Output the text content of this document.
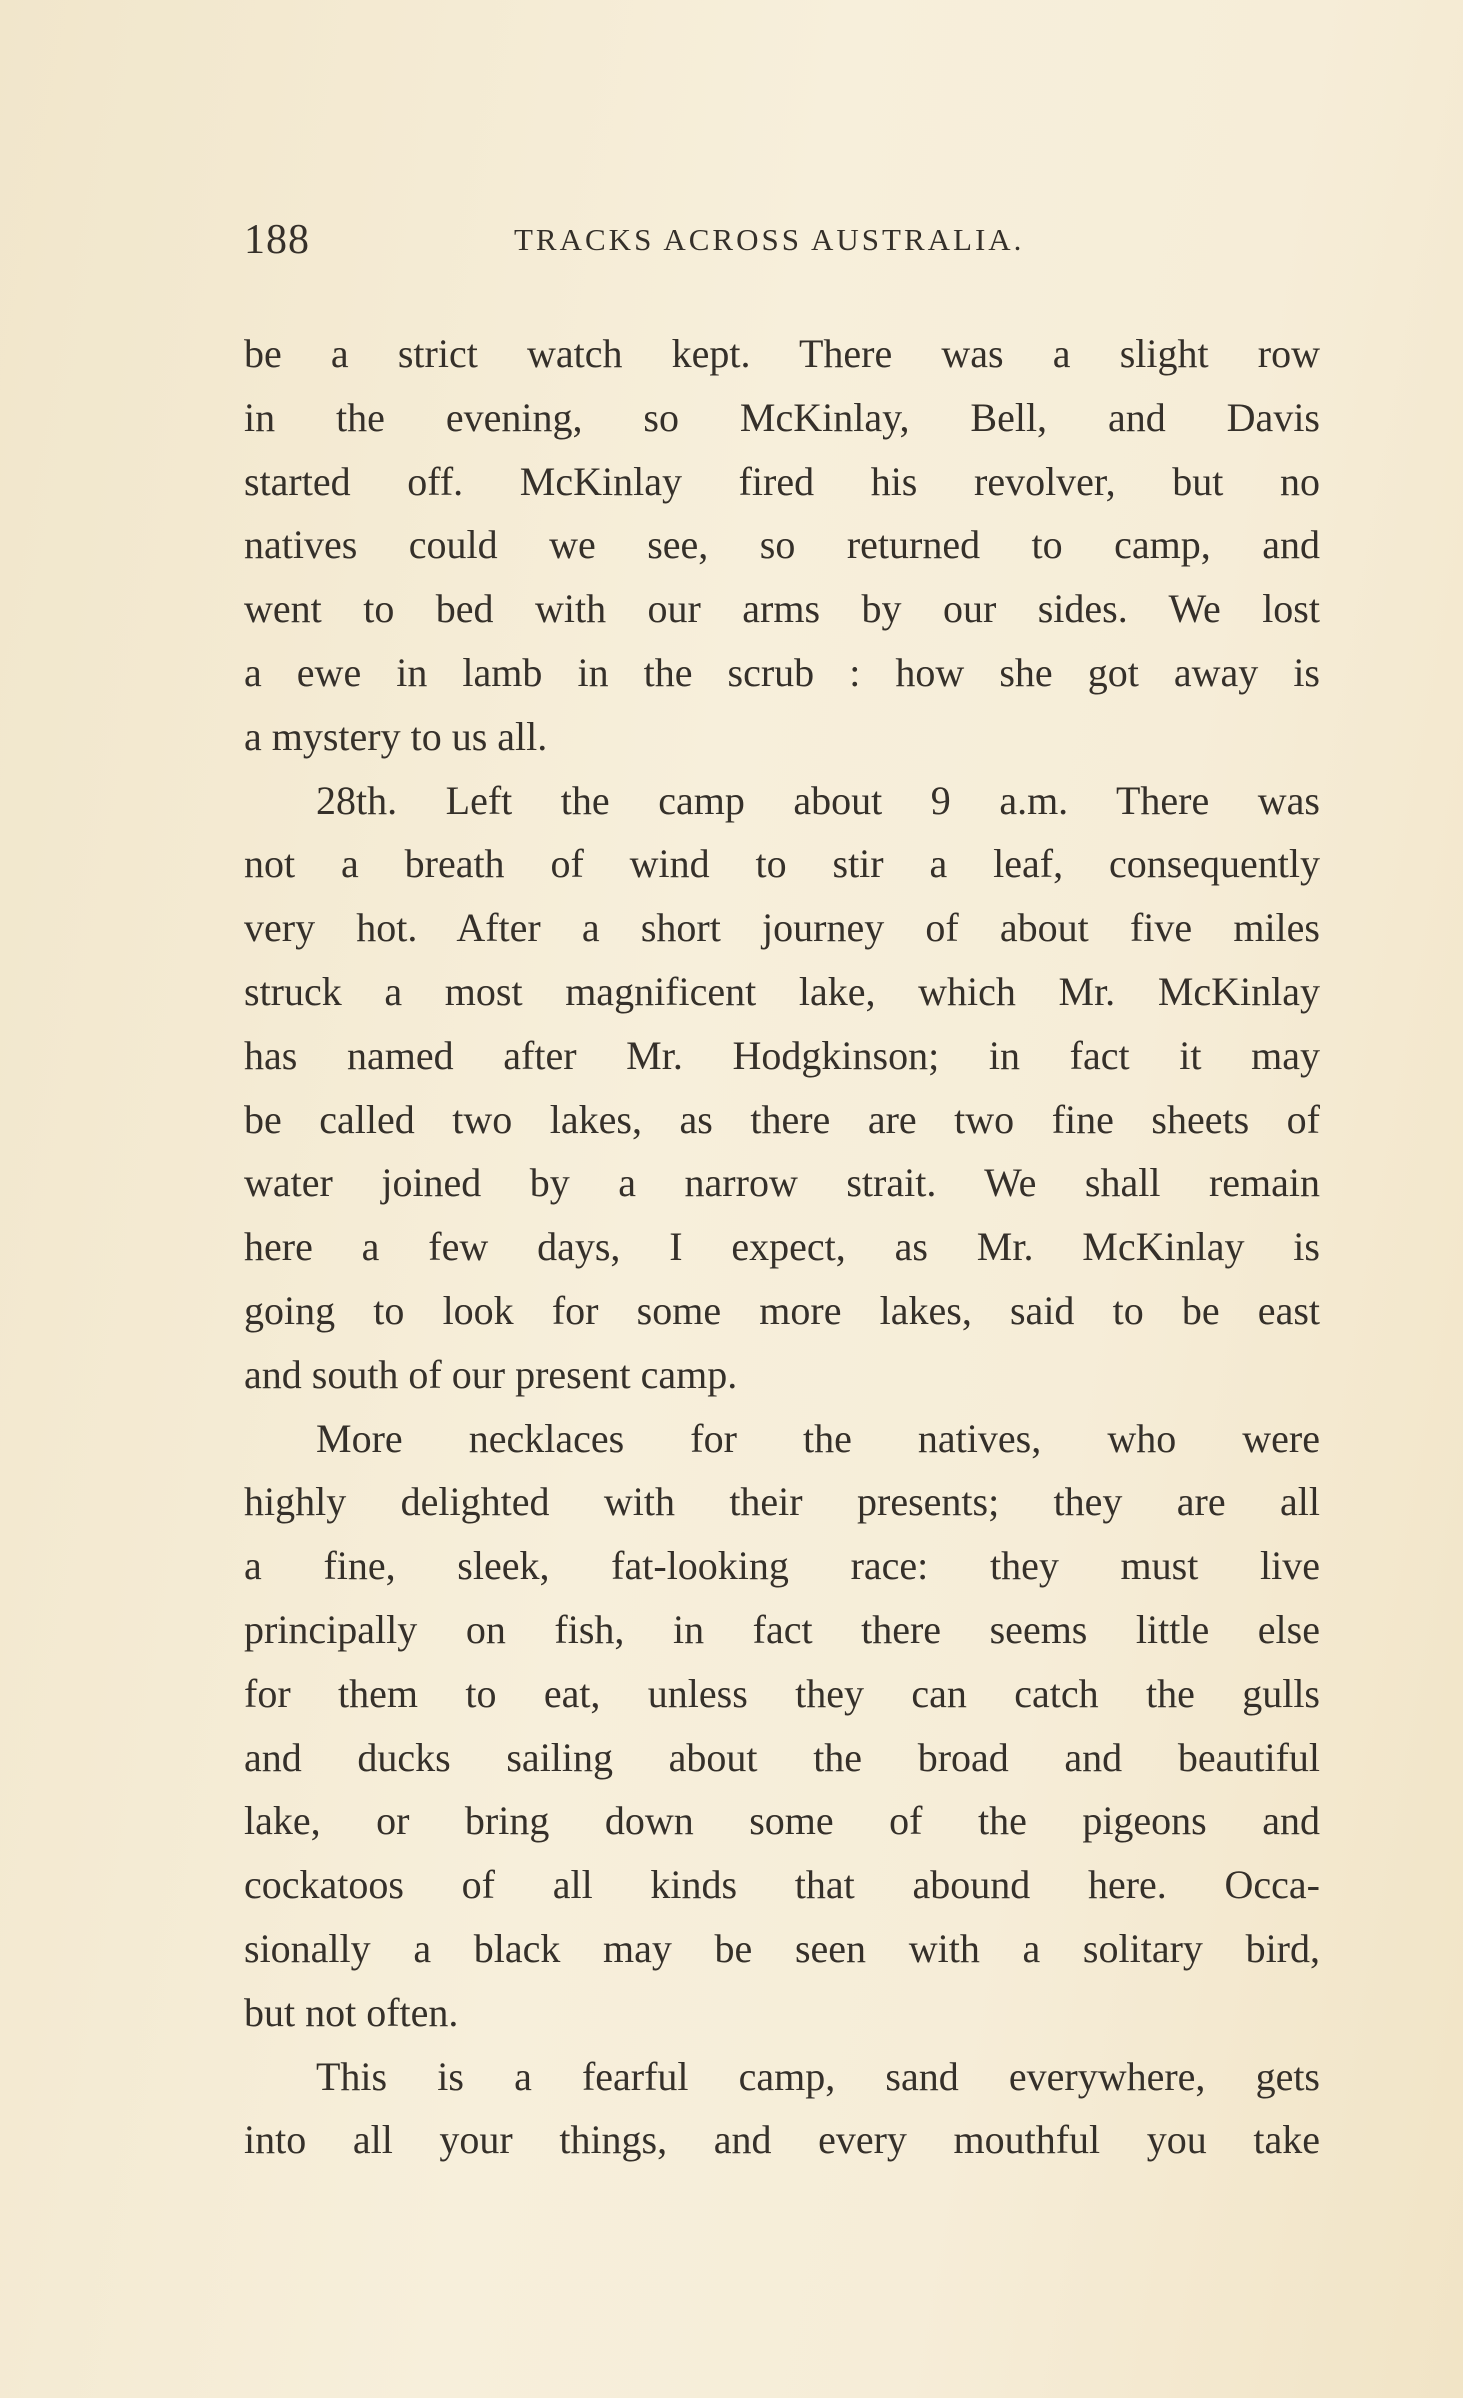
188	TRACKS ACROSS AUSTRALIA.
be a strict watch kept. There was a slight row
in the evening, so McKinlay, Bell, and Davis
started off. McKinlay fired his revolver, but no
natives could we see, so returned to camp, and
went to bed with our arms by our sides. We lost
a ewe in lamb in the scrub : how she got away is
a mystery to us all.
28th. Left the camp about 9 a.m. There was
not a breath of wind to stir a leaf, consequently
very hot. After a short journey of about five miles
struck a most magnificent lake, which Mr. McKinlay
has named after Mr. Hodgkinson; in fact it may
be called two lakes, as there are two fine sheets of
water joined by a narrow strait. We shall remain
here a few days, I expect, as Mr. McKinlay is
going to look for some more lakes, said to be east
and south of our present camp.
More necklaces for the natives, who were
highly delighted with their presents; they are all
a fine, sleek, fat-looking race: they must live
principally on fish, in fact there seems little else
for them to eat, unless they can catch the gulls
and ducks sailing about the broad and beautiful
lake, or bring down some of the pigeons and
cockatoos of all kinds that abound here. Occa-
sionally a black may be seen with a solitary bird,
but not often.
This is a fearful camp, sand everywhere, gets
into all your things, and every mouthful you take
